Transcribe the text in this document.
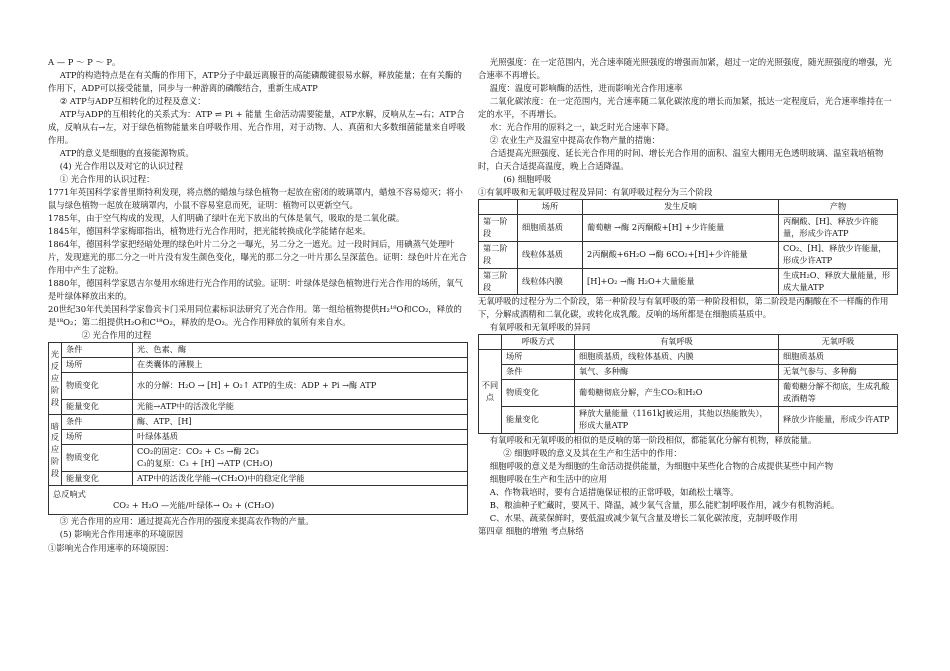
A — P ～ P ～ P。

ATP的构造特点是在有关酶的作用下，ATP分子中最远离腺苷的高能磷酸键很易水解，释放能量；在有关酶的作用下，ADP可以接受能量，同步与一种游离的磷酸结合，重新生成ATP

② ATP与ADP互相转化的过程及意义：

ATP与ADP的互相转化的关系式为：ATP ⇌ Pi + 能量 生命活动需要能量，ATP水解，反响从左→右；ATP合成，反响从右→左，对于绿色植物能量来自呼吸作用、光合作用，对于动物、人、真菌和大多数细菌能量来自呼吸作用。

ATP的意义是细胞的直接能源物质。

(4) 光合作用以及对它的认识过程

① 光合作用的认识过程：

1771年英国科学家普里斯特利发现，将点燃的蜡烛与绿色植物一起放在密闭的玻璃罩内，蜡烛不容易熄灭；将小鼠与绿色植物一起放在玻璃罩内，小鼠不容易窒息而死，证明：植物可以更新空气。

1785年，由于空气构成的发现，人们明确了绿叶在光下放出的气体是氧气，吸取的是二氧化碳。

1845年，德国科学家梅耶指出，植物进行光合作用时，把光能转换成化学能储存起来。

1864年，德国科学家把经暗处理的绿色叶片二分之一曝光，另二分之一遮光。过一段时间后，用碘蒸气处理叶片，发现遮光的那二分之一叶片没有发生颜色变化，曝光的那二分之一叶片那么呈深蓝色。证明：绿色叶片在光合作用中产生了淀粉。

1880年，德国科学家恩吉尔曼用水绵进行光合作用的试验。证明：叶绿体是绿色植物进行光合作用的场所，氧气是叶绿体释放出来的。

20世纪30年代美国科学家鲁宾卡门采用同位素标识法研究了光合作用。第一组给植物提供H₂¹⁸O和CO₂，释放的是¹⁸O₂；第二组提供H₂O和C¹⁸O₂，释放的是O₂。光合作用释放的氧所有来自水。

② 光合作用的过程

光反应阶段	条件	光、色素、酶
	场所	在类囊体的薄膜上
	物质变化	水的分解：H₂O → [H] + O₂↑ ATP的生成：ADP + Pi →酶 ATP
	能量变化	光能→ATP中的活泼化学能
暗反应阶段	条件	酶、ATP、[H]
	场所	叶绿体基质
	物质变化	CO₂的固定：CO₂ + C₅ →酶 2C₃
C₃的复原：C₃ + [H] →ATP (CH₂O)

	能量变化	ATP中的活泼化学能→(CH₂O)中的稳定化学能

总反响式
CO₂ + H₂O —光能/叶绿体→ O₂ + (CH₂O)		

③ 光合作用的应用：通过提高光合作用的强度来提高农作物的产量。

(5) 影响光合作用速率的环境原因

①影响光合作用速率的环境原因：

光照强度：在一定范围内，光合速率随光照强度的增强而加紧，超过一定的光照强度，随光照强度的增强，光合速率不再增长。

温度：温度可影响酶的活性，进而影响光合作用速率

二氧化碳浓度：在一定范围内，光合速率随二氧化碳浓度的增长而加紧，抵达一定程度后，光合速率维持在一定的水平，不再增长。

水：光合作用的原料之一，缺乏时光合速率下降。

② 农业生产及温室中提高农作物产量的措施：

合适提高光照强度、延长光合作用的时间、增长光合作用的面积、温室大棚用无色透明玻璃、温室栽培植物时，白天合适提高温度，晚上合适降温。

(6) 细胞呼吸

①有氧呼吸和无氧呼吸过程及异同：有氧呼吸过程分为三个阶段

	场所	发生反响	产物
第一阶段	细胞质基质	葡萄糖 →酶 2丙酮酸+[H] +少许能量	丙酮酸、[H]、释放少许能量，形成少许ATP
第二阶段	线粒体基质	2丙酮酸+6H₂O →酶 6CO₂+[H]+少许能量	CO₂、[H]、释放少许能量，形成少许ATP
第三阶段	线粒体内膜	[H]+O₂ →酶 H₂O+大量能量	生成H₂O、释放大量能量，形成大量ATP

无氧呼吸的过程分为二个阶段，第一种阶段与有氧呼吸的第一种阶段相似，第二阶段是丙酮酸在不一样酶的作用下，分解成酒精和二氧化碳，或转化成乳酸。反响的场所都是在细胞质基质中。

有氧呼吸和无氧呼吸的异同

	呼吸方式	有氧呼吸	无氧呼吸
不同点	场所	细胞质基质，线粒体基质、内膜	细胞质基质
	条件	氧气、多种酶	无氧气参与、多种酶
	物质变化	葡萄糖彻底分解，产生CO₂和H₂O	葡萄糖分解不彻底，生成乳酸或酒精等
	能量变化	释放大量能量（1161kJ被运用，其他以热能散失），形成大量ATP	释放少许能量，形成少许ATP

有氧呼吸和无氧呼吸的相似的是反响的第一阶段相似，都能氧化分解有机物，释放能量。

② 细胞呼吸的意义及其在生产和生活中的作用：

细胞呼吸的意义是为细胞的生命活动提供能量，为细胞中某些化合物的合成提供某些中间产物

细胞呼吸在生产和生活中的应用

A、作物栽培时，要有合适措施保证根的正常呼吸，如疏松土壤等。

B、粮油种子贮藏时，要风干、降温，减少氧气含量，那么能贮制呼吸作用，减少有机物消耗。

C、水果、蔬菜保鲜时，要低温或减少氧气含量及增长二氧化碳浓度，克制呼吸作用

第四章 细胞的增殖 考点脉络
